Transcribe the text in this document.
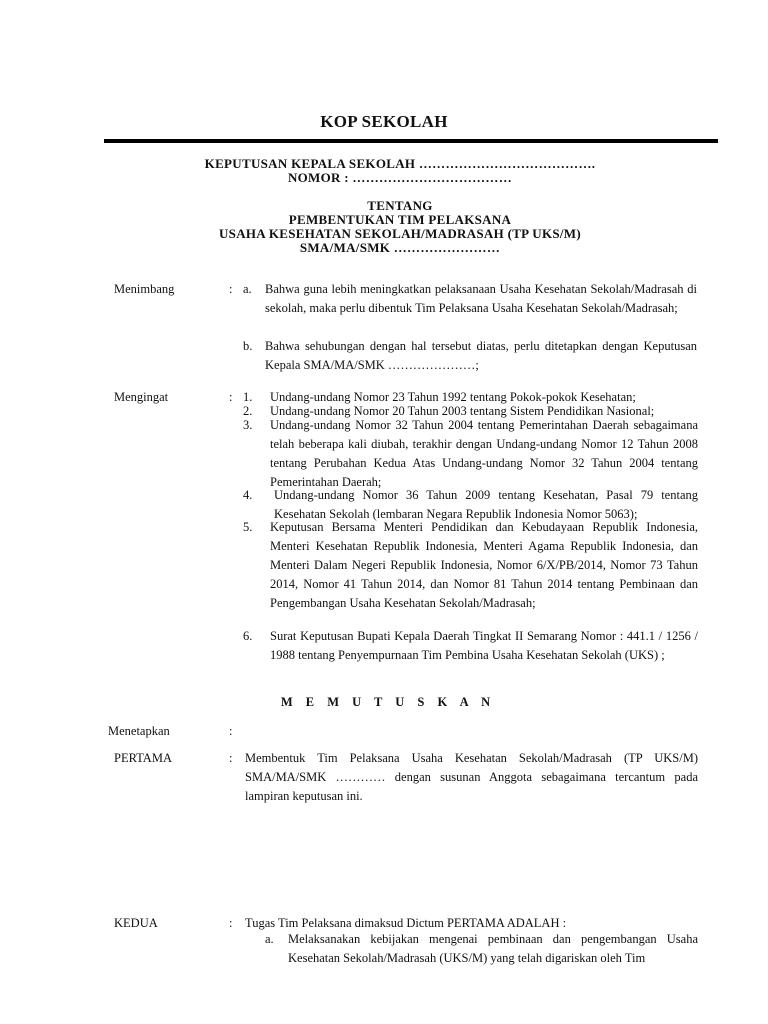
KOP SEKOLAH
KEPUTUSAN KEPALA SEKOLAH ………………………………….
NOMOR : ………………………………
TENTANG
PEMBENTUKAN TIM PELAKSANA
USAHA KESEHATAN SEKOLAH/MADRASAH (TP UKS/M)
SMA/MA/SMK ……………………
Menimbang	: a. Bahwa guna lebih meningkatkan pelaksanaan Usaha Kesehatan Sekolah/Madrasah di sekolah, maka perlu dibentuk Tim Pelaksana Usaha Kesehatan Sekolah/Madrasah;
b. Bahwa sehubungan dengan hal tersebut diatas, perlu ditetapkan dengan Keputusan Kepala SMA/MA/SMK …………………;
Mengingat	: 1. Undang-undang Nomor 23 Tahun 1992 tentang Pokok-pokok Kesehatan;
2. Undang-undang Nomor 20 Tahun 2003 tentang Sistem Pendidikan Nasional;
3. Undang-undang Nomor 32 Tahun 2004 tentang Pemerintahan Daerah sebagaimana telah beberapa kali diubah, terakhir dengan Undang-undang Nomor 12 Tahun 2008 tentang Perubahan Kedua Atas Undang-undang Nomor 32 Tahun 2004 tentang Pemerintahan Daerah;
4. Undang-undang Nomor 36 Tahun 2009 tentang Kesehatan, Pasal 79 tentang Kesehatan Sekolah (lembaran Negara Republik Indonesia Nomor 5063);
5. Keputusan Bersama Menteri Pendidikan dan Kebudayaan Republik Indonesia, Menteri Kesehatan Republik Indonesia, Menteri Agama Republik Indonesia, dan Menteri Dalam Negeri Republik Indonesia, Nomor 6/X/PB/2014, Nomor 73 Tahun 2014, Nomor 41 Tahun 2014, dan Nomor 81 Tahun 2014 tentang Pembinaan dan Pengembangan Usaha Kesehatan Sekolah/Madrasah;
6. Surat Keputusan Bupati Kepala Daerah Tingkat II Semarang Nomor : 441.1 / 1256 / 1988 tentang Penyempurnaan Tim Pembina Usaha Kesehatan Sekolah (UKS) ;
M E M U T U S K A N
Menetapkan	:
PERTAMA	: Membentuk Tim Pelaksana Usaha Kesehatan Sekolah/Madrasah (TP UKS/M) SMA/MA/SMK ………… dengan susunan Anggota sebagaimana tercantum pada lampiran keputusan ini.
KEDUA	: Tugas Tim Pelaksana dimaksud Dictum PERTAMA ADALAH :
a. Melaksanakan kebijakan mengenai pembinaan dan pengembangan Usaha Kesehatan Sekolah/Madrasah (UKS/M) yang telah digariskan oleh Tim
